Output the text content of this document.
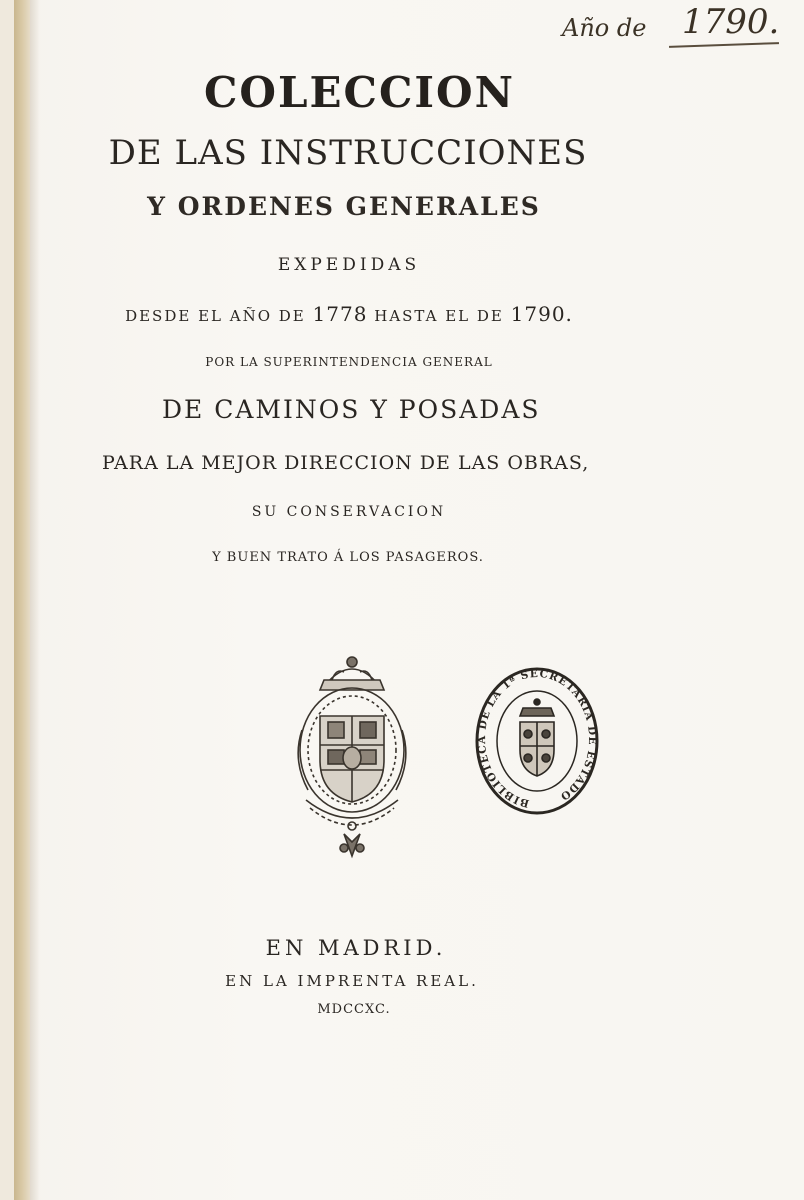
Año de 1790.

COLECCION
DE LAS INSTRUCCIONES
Y ORDENES GENERALES
EXPEDIDAS
DESDE EL AÑO DE 1778 HASTA EL DE 1790.
POR LA SUPERINTENDENCIA GENERAL
DE CAMINOS Y POSADAS
PARA LA MEJOR DIRECCION DE LAS OBRAS,
SU CONSERVACION
Y BUEN TRATO Á LOS PASAGEROS.
BIBLIOTECA DE LA 1ª SECRETARIA DE ESTADO
EN MADRID.
EN LA IMPRENTA REAL.
MDCCXC.
